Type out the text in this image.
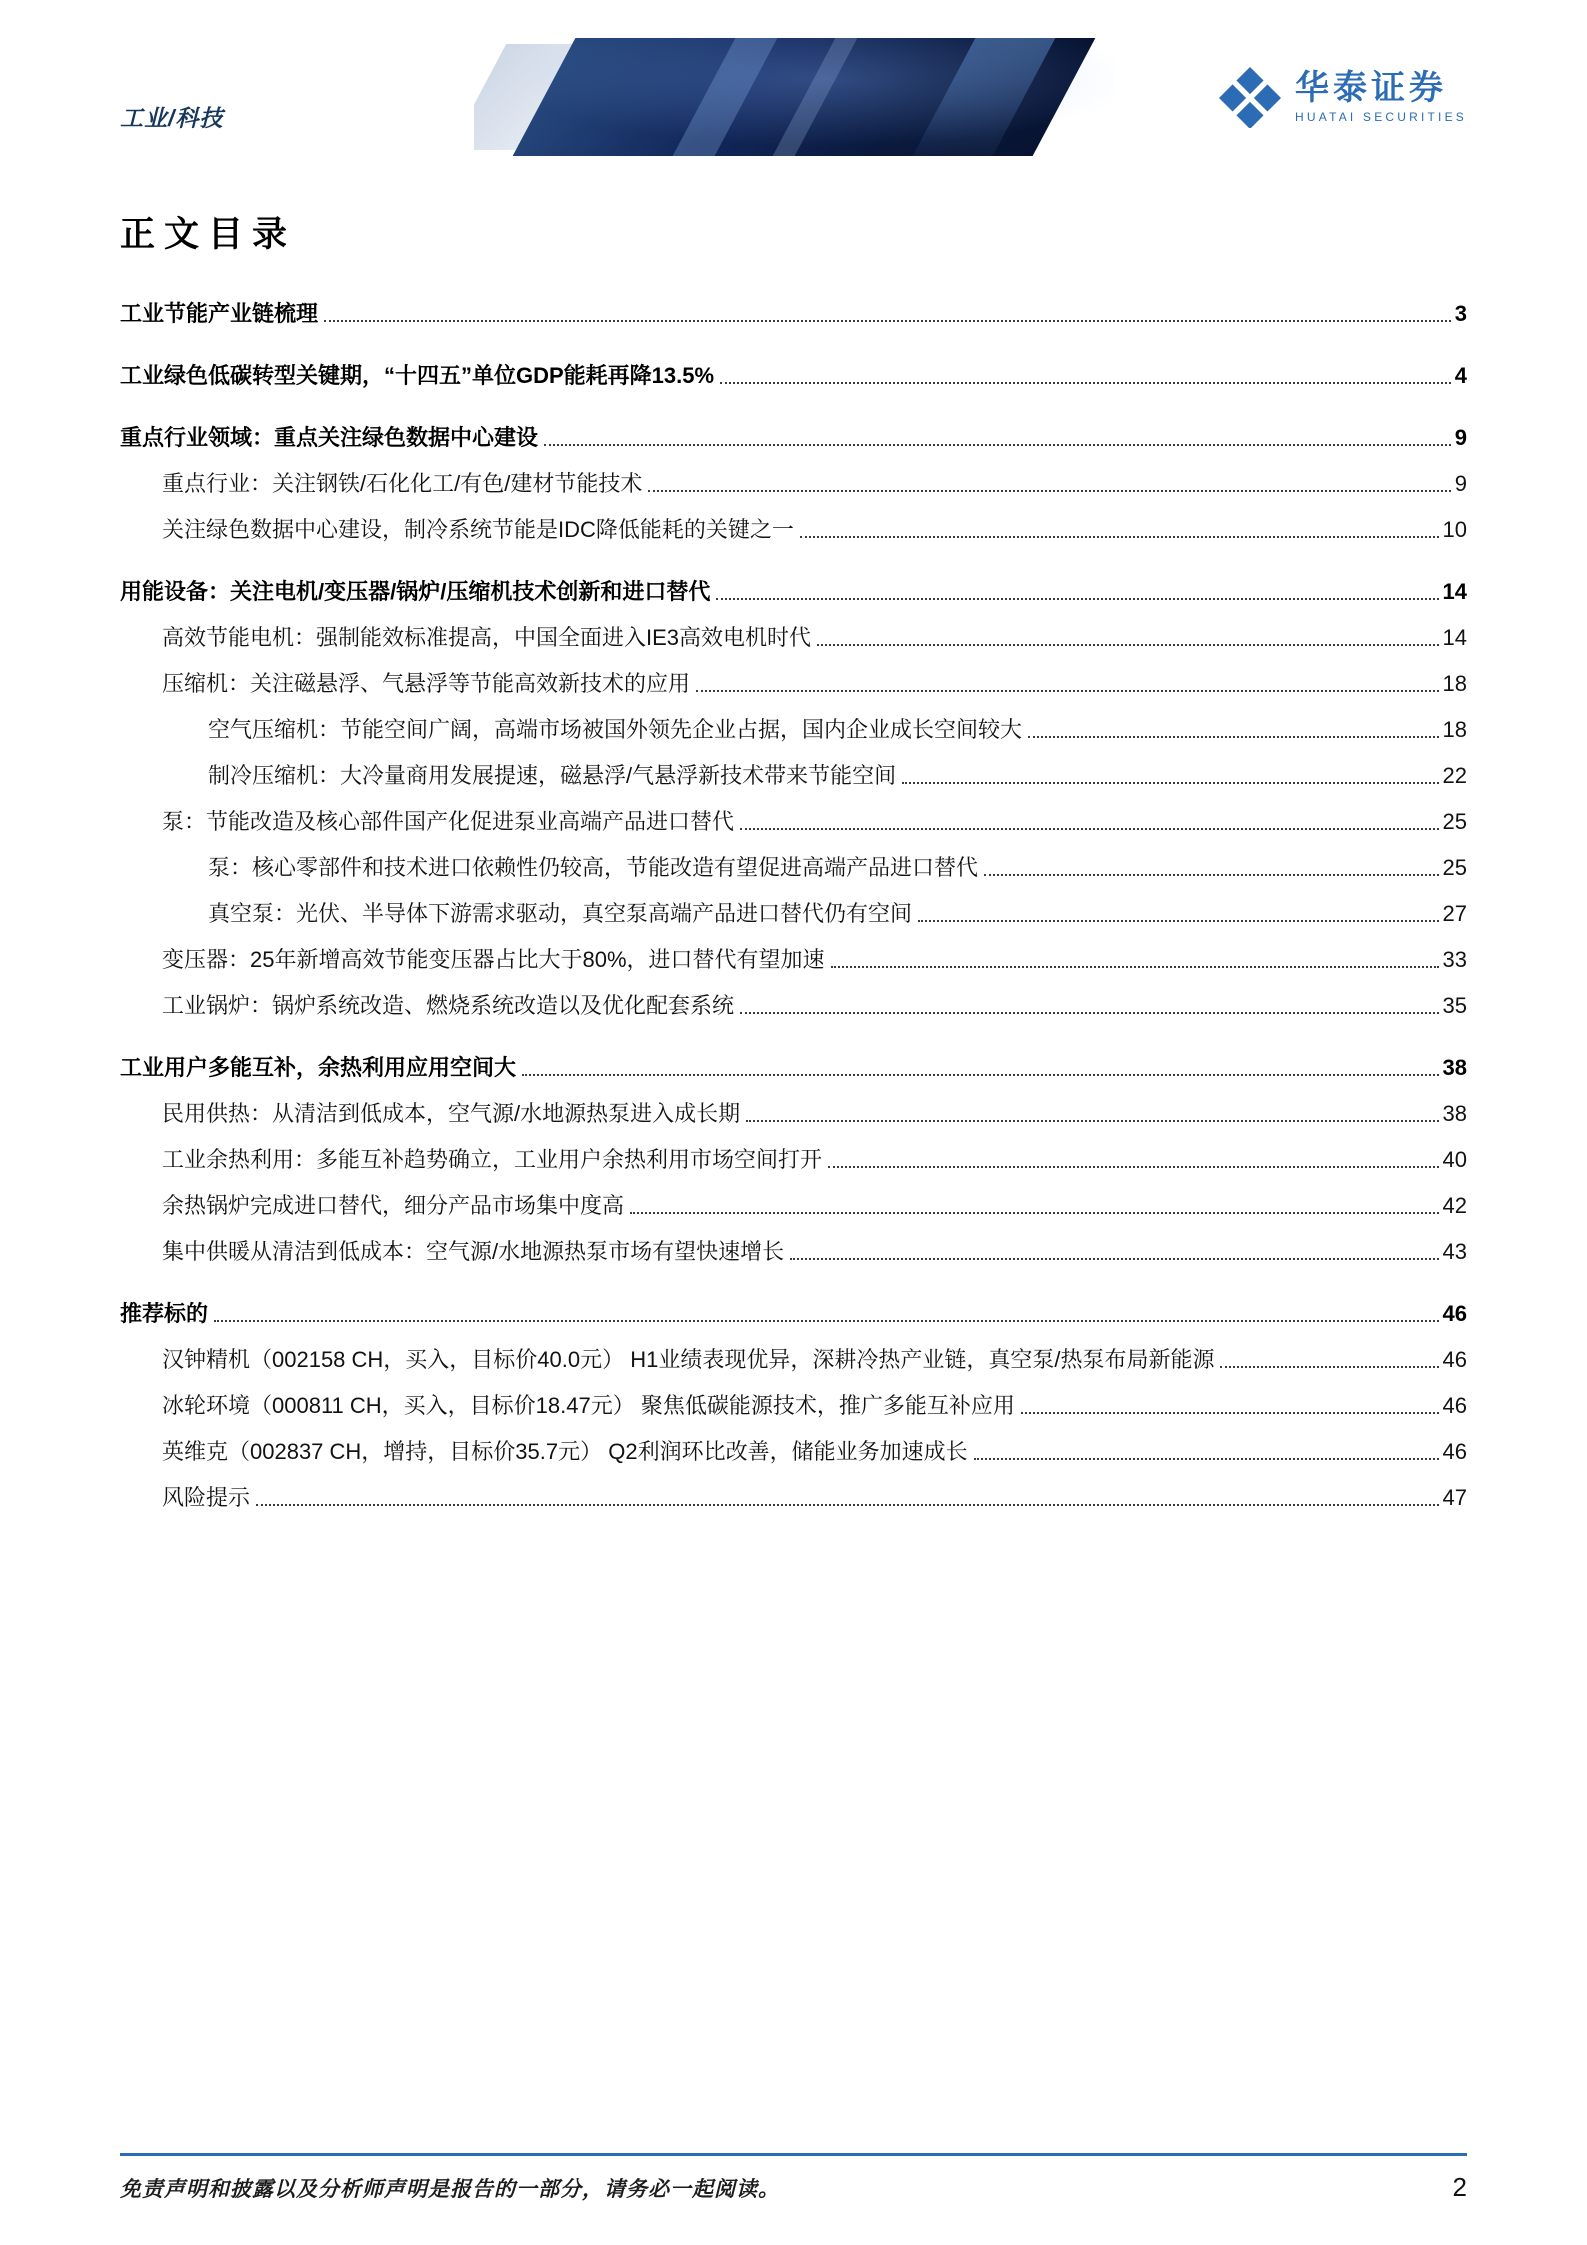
工业/科技
华泰证券
HUATAI SECURITIES
正文目录
工业节能产业链梳理	3
工业绿色低碳转型关键期，“十四五”单位GDP能耗再降13.5%	4
重点行业领域：重点关注绿色数据中心建设	9
重点行业：关注钢铁/石化化工/有色/建材节能技术	9
关注绿色数据中心建设，制冷系统节能是IDC降低能耗的关键之一	10
用能设备：关注电机/变压器/锅炉/压缩机技术创新和进口替代	14
高效节能电机：强制能效标准提高，中国全面进入IE3高效电机时代	14
压缩机：关注磁悬浮、气悬浮等节能高效新技术的应用	18
空气压缩机：节能空间广阔，高端市场被国外领先企业占据，国内企业成长空间较大	18
制冷压缩机：大冷量商用发展提速，磁悬浮/气悬浮新技术带来节能空间	22
泵：节能改造及核心部件国产化促进泵业高端产品进口替代	25
泵：核心零部件和技术进口依赖性仍较高，节能改造有望促进高端产品进口替代	25
真空泵：光伏、半导体下游需求驱动，真空泵高端产品进口替代仍有空间	27
变压器：25年新增高效节能变压器占比大于80%，进口替代有望加速	33
工业锅炉：锅炉系统改造、燃烧系统改造以及优化配套系统	35
工业用户多能互补，余热利用应用空间大	38
民用供热：从清洁到低成本，空气源/水地源热泵进入成长期	38
工业余热利用：多能互补趋势确立，工业用户余热利用市场空间打开	40
余热锅炉完成进口替代，细分产品市场集中度高	42
集中供暖从清洁到低成本：空气源/水地源热泵市场有望快速增长	43
推荐标的	46
汉钟精机（002158 CH，买入，目标价40.0元） H1业绩表现优异，深耕冷热产业链，真空泵/热泵布局新能源	46
冰轮环境（000811 CH，买入，目标价18.47元） 聚焦低碳能源技术，推广多能互补应用	46
英维克（002837 CH，增持，目标价35.7元） Q2利润环比改善，储能业务加速成长	46
风险提示	47
免责声明和披露以及分析师声明是报告的一部分，请务必一起阅读。	2
